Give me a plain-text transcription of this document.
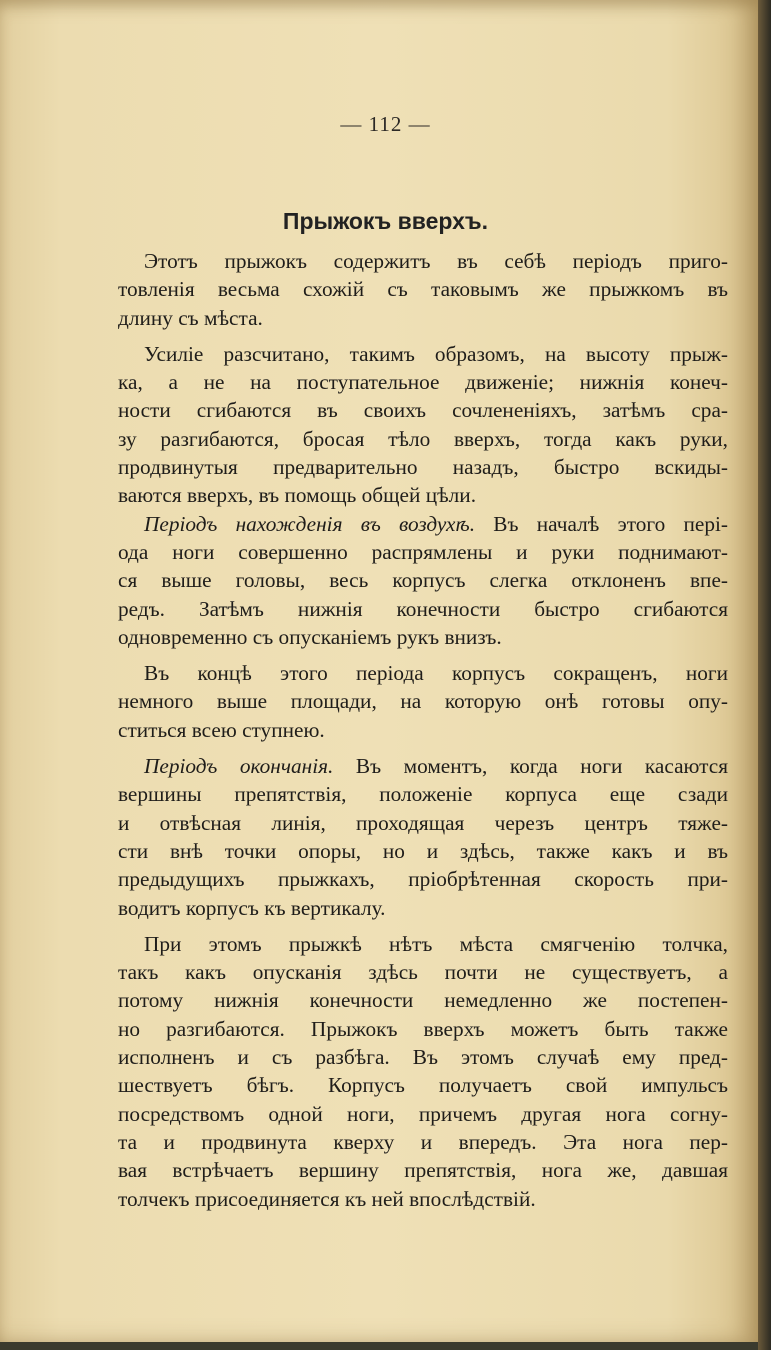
— 112 —
Прыжокъ вверхъ.
Этотъ прыжокъ содержитъ въ себѣ періодъ приго-
товленія весьма схожій съ таковымъ же прыжкомъ въ
длину съ мѣста.
Усиліе разсчитано, такимъ образомъ, на высоту прыж-
ка, а не на поступательное движеніе; нижнія конеч-
ности сгибаются въ своихъ сочлененіяхъ, затѣмъ сра-
зу разгибаются, бросая тѣло вверхъ, тогда какъ руки,
продвинутыя предварительно назадъ, быстро вскиды-
ваются вверхъ, въ помощь общей цѣли.
Періодъ нахожденія въ воздухѣ. Въ началѣ этого пері-
ода ноги совершенно распрямлены и руки поднимают-
ся выше головы, весь корпусъ слегка отклоненъ впе-
редъ. Затѣмъ нижнія конечности быстро сгибаются
одновременно съ опусканіемъ рукъ внизъ.
Въ концѣ этого періода корпусъ сокращенъ, ноги
немного выше площади, на которую онѣ готовы опу-
ститься всею ступнею.
Періодъ окончанія. Въ моментъ, когда ноги касаются
вершины препятствія, положеніе корпуса еще сзади
и отвѣсная линія, проходящая черезъ центръ тяже-
сти внѣ точки опоры, но и здѣсь, также какъ и въ
предыдущихъ прыжкахъ, пріобрѣтенная скорость при-
водитъ корпусъ къ вертикалу.
При этомъ прыжкѣ нѣтъ мѣста смягченію толчка,
такъ какъ опусканія здѣсь почти не существуетъ, а
потому нижнія конечности немедленно же постепен-
но разгибаются. Прыжокъ вверхъ можетъ быть также
исполненъ и съ разбѣга. Въ этомъ случаѣ ему пред-
шествуетъ бѣгъ. Корпусъ получаетъ свой импульсъ
посредствомъ одной ноги, причемъ другая нога согну-
та и продвинута кверху и впередъ. Эта нога пер-
вая встрѣчаетъ вершину препятствія, нога же, давшая
толчекъ присоединяется къ ней впослѣдствій.
